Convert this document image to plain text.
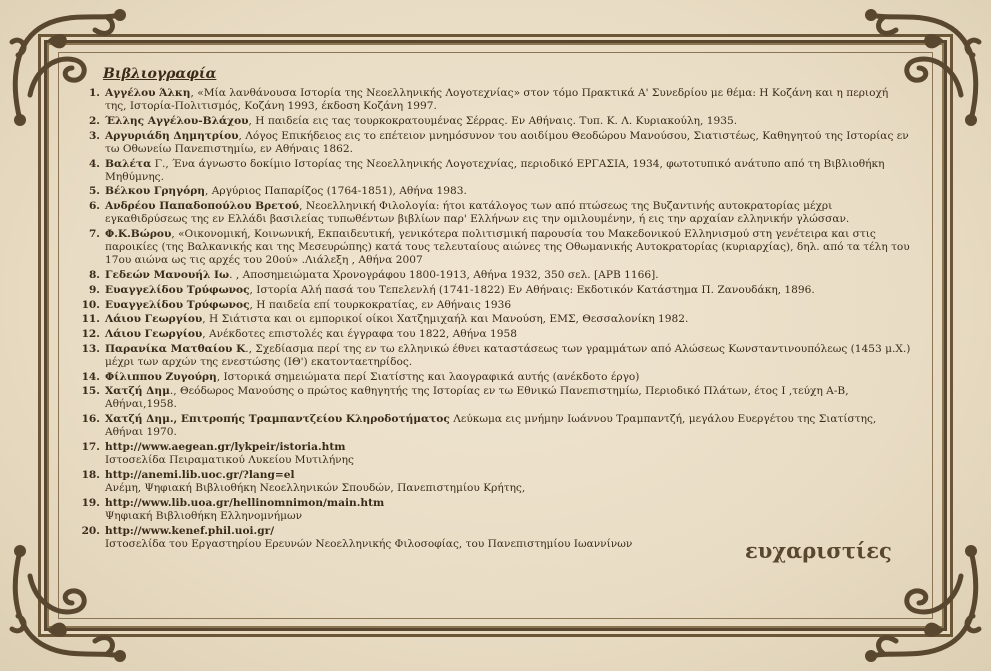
Βιβλιογραφία
1. Αγγέλου Άλκη, «Μία λανθάνουσα Ιστορία της Νεοελληνικής Λογοτεχνίας» στον τόμο Πρακτικά Α' Συνεδρίου με θέμα: Η Κοζάνη και η περιοχή της, Ιστορία-Πολιτισμός, Κοζάνη 1993, έκδοση Κοζάνη 1997.
2. Έλλης Αγγέλου-Βλάχου, Η παιδεία εις τας τουρκοκρατουμένας Σέρρας. Εν Αθήναις. Τυπ. Κ. Λ. Κυριακούλη, 1935.
3. Αργυριάδη Δημητρίου, Λόγος Επικήδειος εις το επέτειον μνημόσυνον του αοιδίμου Θεοδώρου Μανούσου, Σιατιστέως, Καθηγητού της Ιστορίας εν τω Οθωνείω Πανεπιστημίω, εν Αθήναις 1862.
4. Βαλέτα Γ., Ένα άγνωστο δοκίμιο Ιστορίας της Νεοελληνικής Λογοτεχνίας, περιοδικό ΕΡΓΑΣΙΑ, 1934, φωτοτυπικό ανάτυπο από τη Βιβλιοθήκη Μηθύμνης.
5. Βέλκου Γρηγόρη, Αργύριος Παπαρίζος (1764-1851), Αθήνα 1983.
6. Ανδρέου Παπαδοπούλου Βρετού, Νεοελληνική Φιλολογία: ήτοι κατάλογος των από πτώσεως της Βυζαντινής αυτοκρατορίας μέχρι εγκαθιδρύσεως της εν Ελλάδι βασιλείας τυπωθέντων βιβλίων παρ' Ελλήνων εις την ομιλουμένην, ή εις την αρχαίαν ελληνικήν γλώσσαν.
7. Φ.Κ.Βώρου, «Οικονομική, Κοινωνική, Εκπαιδευτική, γενικότερα πολιτισμική παρουσία του Μακεδονικού Ελληνισμού στη γενέτειρα και στις παροικίες (της Βαλκανικής και της Μεσευρώπης) κατά τους τελευταίους αιώνες της Οθωμανικής Αυτοκρατορίας (κυριαρχίας), δηλ. από τα τέλη του 17ου αιώνα ως τις αρχές του 20ού» .Λιάλεξη , Αθήνα 2007
8. Γεδεών Μανουήλ Ιω. , Αποσημειώματα Χρονογράφου 1800-1913, Αθήνα 1932, 350 σελ. [ΑΡΒ 1166].
9. Ευαγγελίδου Τρύφωνος, Ιστορία Αλή πασά του Τεπελενλή (1741-1822) Εν Αθήναις: Εκδοτικόν Κατάστημα Π. Ζανουδάκη, 1896.
10. Ευαγγελίδου Τρύφωνος, Η παιδεία επί τουρκοκρατίας, εν Αθήναις 1936
11. Λάιου Γεωργίου, Η Σιάτιστα και οι εμπορικοί οίκοι Χατζημιχαήλ και Μανούση, ΕΜΣ, Θεσσαλονίκη 1982.
12. Λάιου Γεωργίου, Ανέκδοτες επιστολές και έγγραφα του 1822, Αθήνα 1958
13. Παρανίκα Ματθαίου Κ., Σχεδίασμα περί της εν τω ελληνικώ έθνει καταστάσεως των γραμμάτων από Αλώσεως Κωνσταντινουπόλεως (1453 μ.Χ.) μέχρι των αρχών της ενεστώσης (ΙΘ') εκατονταετηρίδος.
14. Φίλιππου Ζυγούρη, Ιστορικά σημειώματα περί Σιατίστης και λαογραφικά αυτής (ανέκδοτο έργο)
15. Χατζή Δημ., Θεόδωρος Μανούσης ο πρώτος καθηγητής της Ιστορίας εν τω Εθνικώ Πανεπιστημίω, Περιοδικό Πλάτων, έτος Ι ,τεύχη Α-Β, Αθήναι,1958.
16. Χατζή Δημ., Επιτροπής Τραμπαντζείου Κληροδοτήματος Λεύκωμα εις μνήμην Ιωάννου Τραμπαντζή, μεγάλου Ευεργέτου της Σιατίστης, Αθήναι 1970.
17. http://www.aegean.gr/lykpeir/istoria.htm
Ιστοσελίδα Πειραματικού Λυκείου Μυτιλήνης
18. http://anemi.lib.uoc.gr/?lang=el
Ανέμη, Ψηφιακή Βιβλιοθήκη Νεοελληνικών Σπουδών, Πανεπιστημίου Κρήτης,
19. http://www.lib.uoa.gr/hellinomnimon/main.htm
Ψηφιακή Βιβλιοθήκη Ελληνομνήμων
20. http://www.kenef.phil.uoi.gr/
Ιστοσελίδα του Εργαστηρίου Ερευνών Νεοελληνικής Φιλοσοφίας, του Πανεπιστημίου Ιωαννίνων	ευχαριστίες
